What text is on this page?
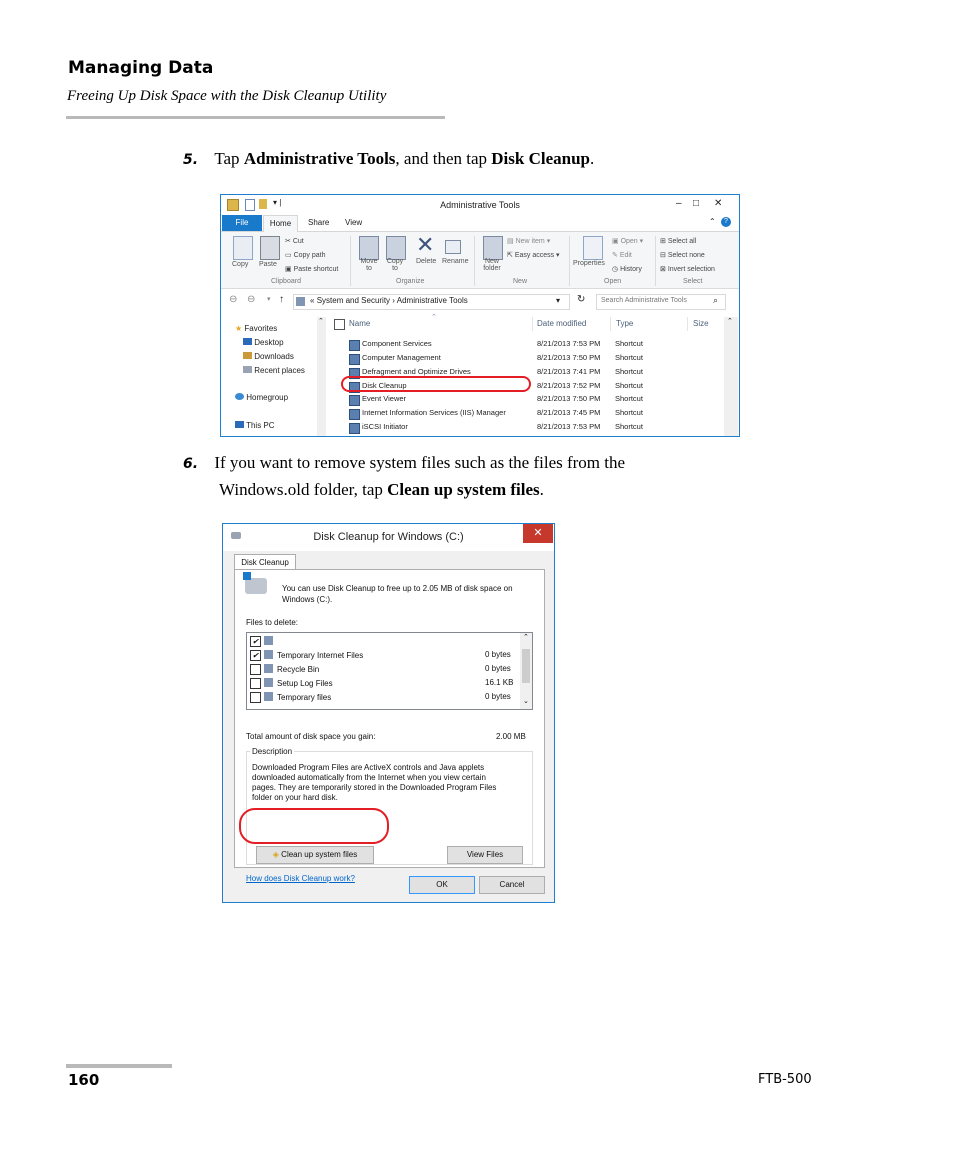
Managing Data
Freeing Up Disk Space with the Disk Cleanup Utility
5. Tap Administrative Tools, and then tap Disk Cleanup.
▾ |	Administrative Tools	– □ ✕
File	Home	Share View	⌃	?
Copy Paste
✂ Cut
▭ Copy path
▣ Paste shortcut
Clipboard
Move to
Copy to
✕
Delete Rename
Organize
New folder
▤ New item ▾
⇱ Easy access ▾
New
Properties
▣ Open ▾
✎ Edit
◷ History
Open
⊞ Select all
⊟ Select none
⊠ Invert selection
Select
⊖ ⊖ ▾ ↑	« System and Security › Administrative Tools	▾ ↻ Search Administrative Tools	⌕
★ Favorites
Desktop
Downloads
Recent places
Homegroup
This PC
⌃	Name
⌃
Date modified	Type	Size
Component Services	8/21/2013 7:53 PM Shortcut
Computer Management	8/21/2013 7:50 PM Shortcut
Defragment and Optimize Drives	8/21/2013 7:41 PM Shortcut
Disk Cleanup	8/21/2013 7:52 PM Shortcut
Event Viewer	8/21/2013 7:50 PM Shortcut
Internet Information Services (IIS) Manager	8/21/2013 7:45 PM Shortcut
iSCSI Initiator	8/21/2013 7:53 PM Shortcut
⌃
6. If you want to remove system files such as the files from the
Windows.old folder, tap Clean up system files.
Disk Cleanup for Windows (C:)	✕
Disk Cleanup
You can use Disk Cleanup to free up to 2.05 MB of disk space on
Windows (C:).
Files to delete:
✔ Downloaded Program Files	0 bytes
✔ Temporary Internet Files	0 bytes
Recycle Bin	0 bytes
Setup Log Files	16.1 KB
Temporary files	0 bytes
⌃
⌄
Total amount of disk space you gain:	2.00 MB
Description
Downloaded Program Files are ActiveX controls and Java applets
downloaded automatically from the Internet when you view certain
pages. They are temporarily stored in the Downloaded Program Files
folder on your hard disk.
◈ Clean up system files	View Files
How does Disk Cleanup work?
OK	Cancel
160	FTB-500
